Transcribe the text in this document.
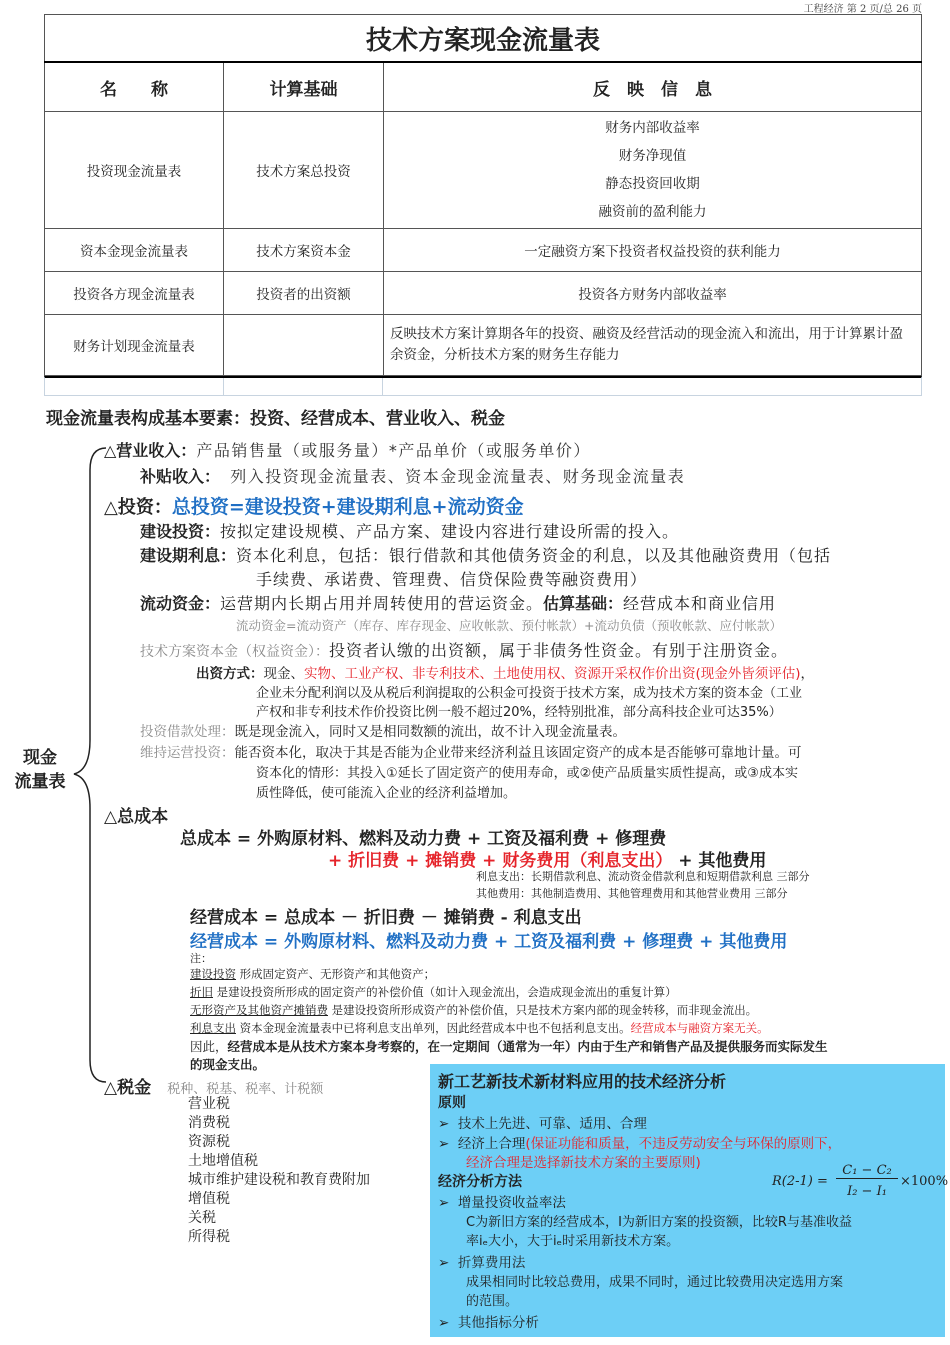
工程经济 第 2 页/总 26 页
技术方案现金流量表		
名　　称	计算基础	反　映　信　息
投资现金流量表	技术方案总投资	财务内部收益率
财务净现值
静态投资回收期
融资前的盈利能力

资本金现金流量表	技术方案资本金	一定融资方案下投资者权益投资的获利能力
投资各方现金流量表	投资者的出资额	投资各方财务内部收益率
财务计划现金流量表		反映技术方案计算期各年的投资、融资及经营活动的现金流入和流出，用于计算累计盈余资金，分析技术方案的财务生存能力
现金流量表构成基本要素：投资、经营成本、营业收入、税金
现金
流量表
△营业收入：产品销售量（或服务量）*产品单价（或服务单价）
补贴收入： 列入投资现金流量表、资本金现金流量表、财务现金流量表
△投资：总投资=建设投资+建设期利息+流动资金
建设投资：按拟定建设规模、产品方案、建设内容进行建设所需的投入。
建设期利息：资本化利息，包括：银行借款和其他债务资金的利息，以及其他融资费用（包括
手续费、承诺费、管理费、信贷保险费等融资费用）
流动资金：运营期内长期占用并周转使用的营运资金。估算基础：经营成本和商业信用
流动资金=流动资产（库存、库存现金、应收帐款、预付帐款）+流动负债（预收帐款、应付帐款）
技术方案资本金（权益资金）：投资者认缴的出资额，属于非债务性资金。有别于注册资金。
出资方式：现金、实物、工业产权、非专利技术、土地使用权、资源开采权作价出资(现金外皆须评估)，
企业未分配利润以及从税后利润提取的公积金可投资于技术方案，成为技术方案的资本金（工业
产权和非专利技术作价投资比例一般不超过20%，经特别批准，部分高科技企业可达35%）
投资借款处理：既是现金流入，同时又是相同数额的流出，故不计入现金流量表。
维持运营投资：能否资本化，取决于其是否能为企业带来经济利益且该固定资产的成本是否能够可靠地计量。可
资本化的情形：其投入①延长了固定资产的使用寿命，或②使产品质量实质性提高，或③成本实
质性降低，使可能流入企业的经济利益增加。
△总成本
总成本 = 外购原材料、燃料及动力费 + 工资及福利费 + 修理费
+ 折旧费 + 摊销费 + 财务费用（利息支出） + 其他费用
利息支出：长期借款利息、流动资金借款利息和短期借款利息 三部分
其他费用：其他制造费用、其他管理费用和其他营业费用 三部分
经营成本 = 总成本 － 折旧费 － 摊销费 - 利息支出
经营成本 = 外购原材料、燃料及动力费 + 工资及福利费 + 修理费 + 其他费用
注：
建设投资 形成固定资产、无形资产和其他资产；
折旧 是建设投资所形成的固定资产的补偿价值（如计入现金流出，会造成现金流出的重复计算）
无形资产及其他资产摊销费 是建设投资所形成资产的补偿价值，只是技术方案内部的现金转移，而非现金流出。
利息支出 资本金现金流量表中已将利息支出单列，因此经营成本中也不包括利息支出。经营成本与融资方案无关。
因此，经营成本是从技术方案本身考察的，在一定期间（通常为一年）内由于生产和销售产品及提供服务而实际发生
的现金支出。
△税金 税种、税基、税率、计税额
营业税
消费税
资源税
土地增值税
城市维护建设税和教育费附加
增值税
关税
所得税
新工艺新技术新材料应用的技术经济分析
原则
➢ 技术上先进、可靠、适用、合理
➢ 经济上合理(保证功能和质量，不违反劳动安全与环保的原则下，
经济合理是选择新技术方案的主要原则)
经济分析方法	R(2-1) =
C₁ − C₂
I₂ − I₁
×100%
➢ 增量投资收益率法
C为新旧方案的经营成本，I为新旧方案的投资额，比较R与基准收益
率iₑ大小，大于iₑ时采用新技术方案。
➢ 折算费用法
成果相同时比较总费用，成果不同时，通过比较费用决定选用方案
的范围。
➢ 其他指标分析
